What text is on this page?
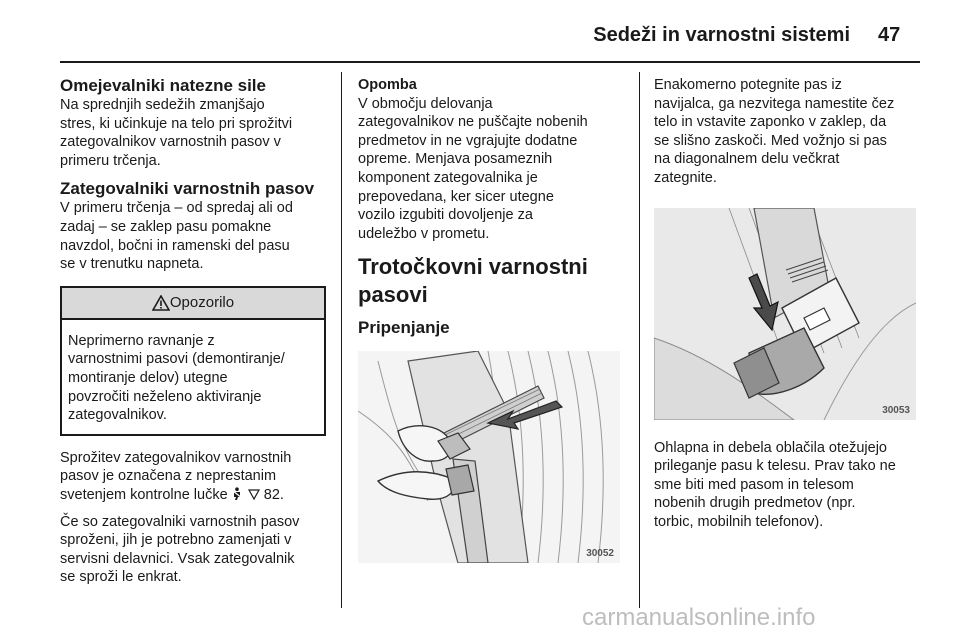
Sedeži in varnostni sistemi 47
Omejevalniki natezne sile
Na sprednjih sedežih zmanjšajo
stres, ki učinkuje na telo pri sprožitvi
zategovalnikov varnostnih pasov v
primeru trčenja.
Zategovalniki varnostnih pasov
V primeru trčenja – od spredaj ali od
zadaj – se zaklep pasu pomakne
navzdol, bočni in ramenski del pasu
se v trenutku napneta.
Opozorilo
Neprimerno ravnanje z
varnostnimi pasovi (demontiranje/
montiranje delov) utegne
povzročiti neželeno aktiviranje
zategovalnikov.
Sprožitev zategovalnikov varnostnih
pasov je označena z neprestanim
svetenjem kontrolne lučke 82.
Če so zategovalniki varnostnih pasov
sproženi, jih je potrebno zamenjati v
servisni delavnici. Vsak zategovalnik
se sproži le enkrat.
Opomba
V območju delovanja
zategovalnikov ne puščajte nobenih
predmetov in ne vgrajujte dodatne
opreme. Menjava posameznih
komponent zategovalnika je
prepovedana, ker sicer utegne
vozilo izgubiti dovoljenje za
udeležbo v prometu.
Trotočkovni varnostni
pasovi
Pripenjanje
30052
Enakomerno potegnite pas iz
navijalca, ga nezvitega namestite čez
telo in vstavite zaponko v zaklep, da
se slišno zaskoči. Med vožnjo si pas
na diagonalnem delu večkrat
zategnite.
30053
Ohlapna in debela oblačila otežujejo
prileganje pasu k telesu. Prav tako ne
sme biti med pasom in telesom
nobenih drugih predmetov (npr.
torbic, mobilnih telefonov).
carmanualsonline.info
